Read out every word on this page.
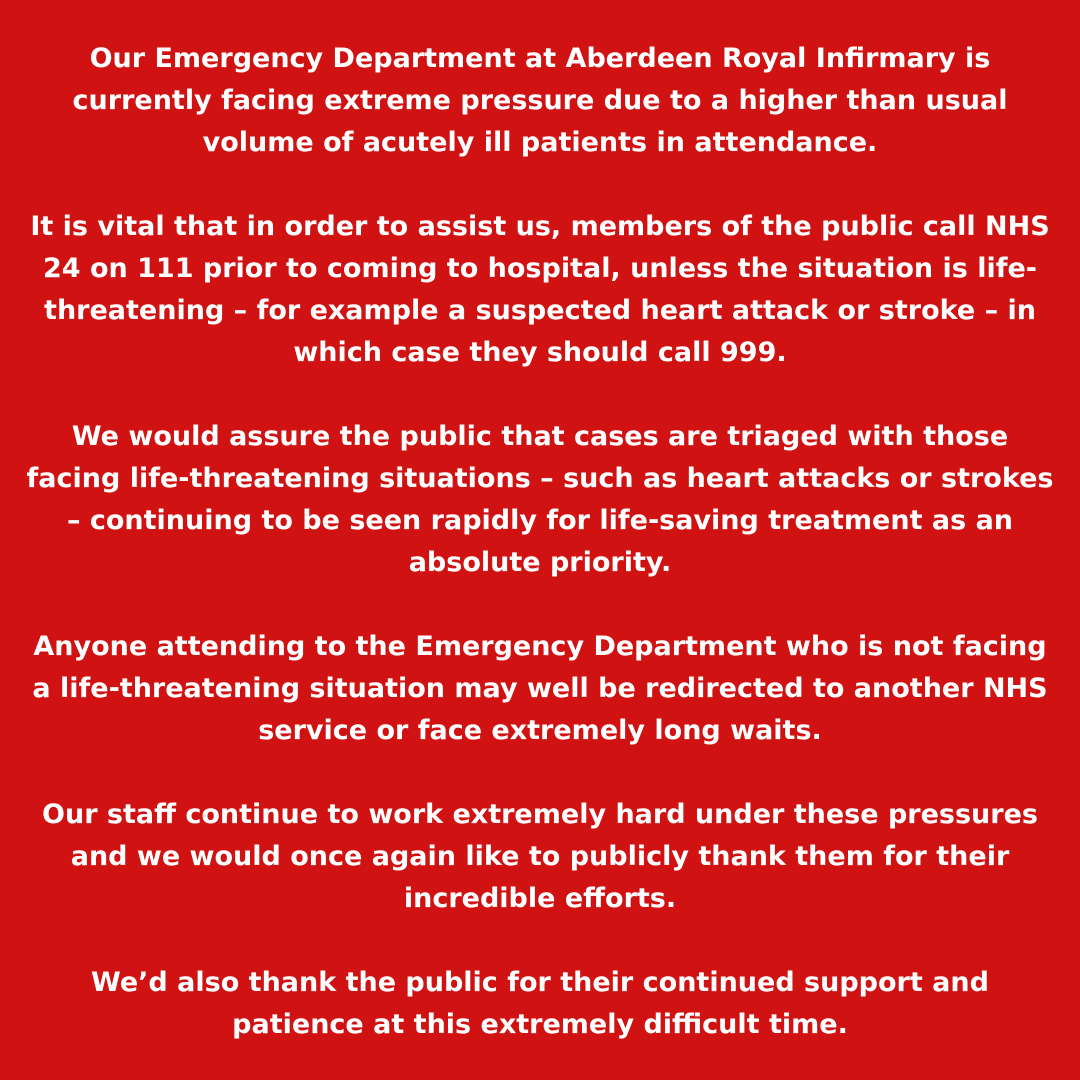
Our Emergency Department at Aberdeen Royal Infirmary is
currently facing extreme pressure due to a higher than usual
volume of acutely ill patients in attendance.

It is vital that in order to assist us, members of the public call NHS
24 on 111 prior to coming to hospital, unless the situation is life-
threatening – for example a suspected heart attack or stroke – in
which case they should call 999.

We would assure the public that cases are triaged with those
facing life-threatening situations – such as heart attacks or strokes
– continuing to be seen rapidly for life-saving treatment as an
absolute priority.

Anyone attending to the Emergency Department who is not facing
a life-threatening situation may well be redirected to another NHS
service or face extremely long waits.

Our staff continue to work extremely hard under these pressures
and we would once again like to publicly thank them for their
incredible efforts.

We’d also thank the public for their continued support and
patience at this extremely difficult time.
